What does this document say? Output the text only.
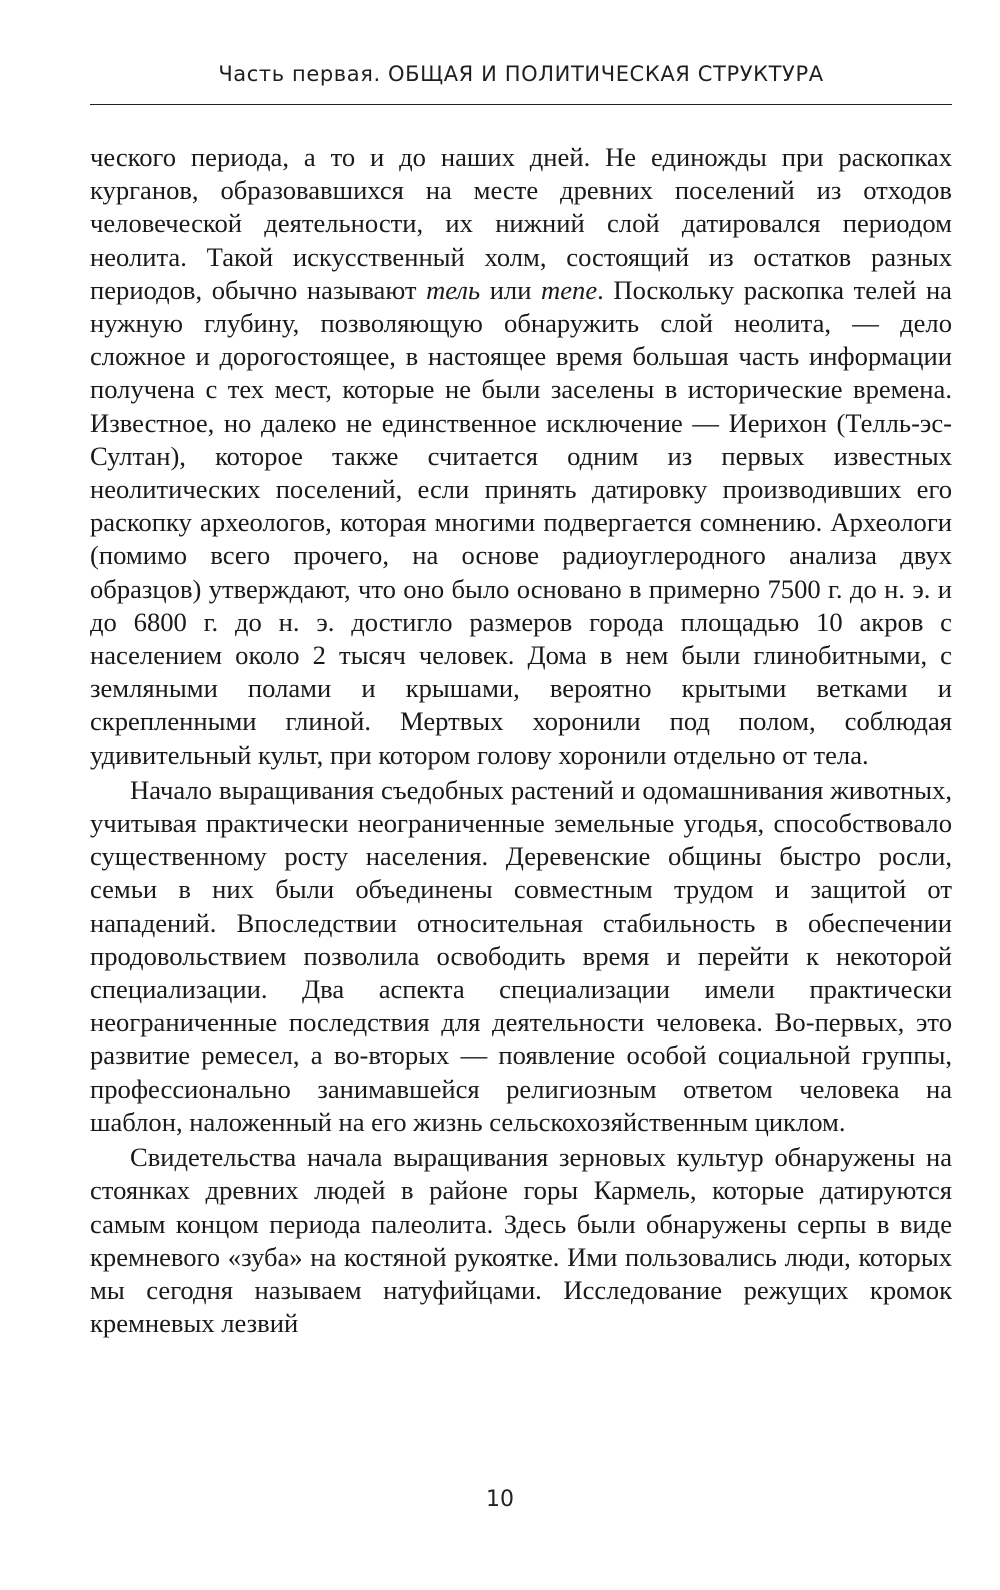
Часть первая. ОБЩАЯ И ПОЛИТИЧЕСКАЯ СТРУКТУРА

ческого периода, а то и до наших дней. Не единожды при раскопках курганов, образовавшихся на месте древних поселений из отходов человеческой деятельности, их нижний слой датировался периодом неолита. Такой искусственный холм, состоящий из остатков разных периодов, обычно называют тель или тепе. Поскольку раскопка телей на нужную глубину, позволяющую обнаружить слой неолита, — дело сложное и дорогостоящее, в настоящее время большая часть информации получена с тех мест, которые не были заселены в исторические времена. Известное, но далеко не единственное исключение — Иерихон (Телль-эс-Султан), которое также считается одним из первых известных неолитических поселений, если принять датировку производивших его раскопку археологов, которая многими подвергается сомнению. Археологи (помимо всего прочего, на основе радиоуглеродного анализа двух образцов) утверждают, что оно было основано в примерно 7500 г. до н. э. и до 6800 г. до н. э. достигло размеров города площадью 10 акров с населением около 2 тысяч человек. Дома в нем были глинобитными, с земляными полами и крышами, вероятно крытыми ветками и скрепленными глиной. Мертвых хоронили под полом, соблюдая удивительный культ, при котором голову хоронили отдельно от тела.

Начало выращивания съедобных растений и одомашнивания животных, учитывая практически неограниченные земельные угодья, способствовало существенному росту населения. Деревенские общины быстро росли, семьи в них были объединены совместным трудом и защитой от нападений. Впоследствии относительная стабильность в обеспечении продовольствием позволила освободить время и перейти к некоторой специализации. Два аспекта специализации имели практически неограниченные последствия для деятельности человека. Во-первых, это развитие ремесел, а во-вторых — появление особой социальной группы, профессионально занимавшейся религиозным ответом человека на шаблон, наложенный на его жизнь сельскохозяйственным циклом.

Свидетельства начала выращивания зерновых культур обнаружены на стоянках древних людей в районе горы Кармель, которые датируются самым концом периода палеолита. Здесь были обнаружены серпы в виде кремневого «зуба» на костяной рукоятке. Ими пользовались люди, которых мы сегодня называем натуфийцами. Исследование режущих кромок кремневых лезвий

10
